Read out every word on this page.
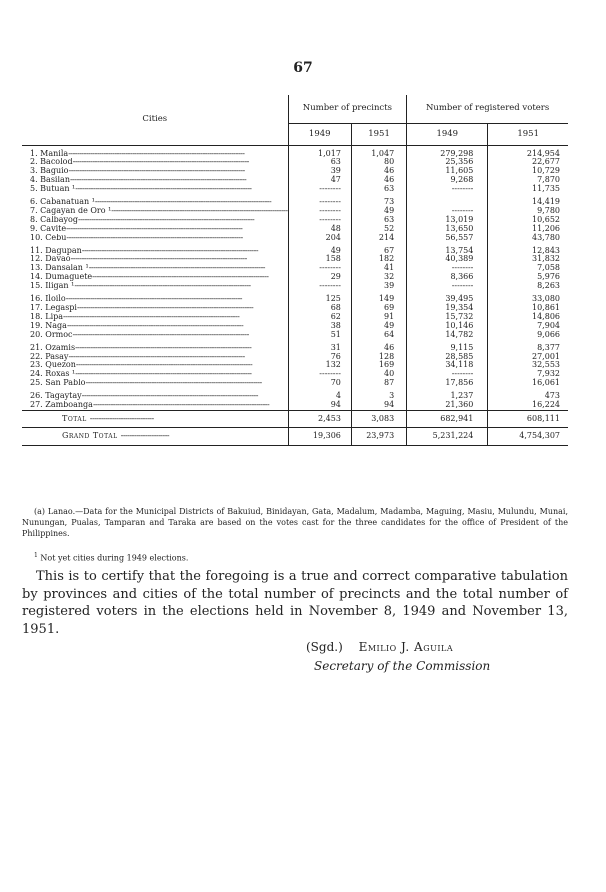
67
Cities	Number of precincts		Number of registered voters	
	1949	1951	1949	1951
1. Manila--------------------------------------------------------------------------------	1,017	1,047	279,298	214,954
2. Bacolod--------------------------------------------------------------------------------	63	80	25,356	22,677
3. Baguio--------------------------------------------------------------------------------	39	46	11,605	10,729
4. Basilan--------------------------------------------------------------------------------	47	46	9,268	7,870
5. Butuan ¹--------------------------------------------------------------------------------	--------	63	--------	11,735
6. Cabanatuan ¹--------------------------------------------------------------------------------	--------	73		14,419
7. Cagayan de Oro ¹--------------------------------------------------------------------------------	--------	49	--------	9,780
8. Calbayog--------------------------------------------------------------------------------	--------	63	13,019	10,652
9. Cavite--------------------------------------------------------------------------------	48	52	13,650	11,206
10. Cebu--------------------------------------------------------------------------------	204	214	56,557	43,780
11. Dagupan--------------------------------------------------------------------------------	49	67	13,754	12,843
12. Davao--------------------------------------------------------------------------------	158	182	40,389	31,832
13. Dansalan ¹--------------------------------------------------------------------------------	--------	41	--------	7,058
14. Dumaguete--------------------------------------------------------------------------------	29	32	8,366	5,976
15. Iligan ¹--------------------------------------------------------------------------------	--------	39	--------	8,263
16. Iloilo--------------------------------------------------------------------------------	125	149	39,495	33,080
17. Legaspi--------------------------------------------------------------------------------	68	69	19,354	10,861
18. Lipa--------------------------------------------------------------------------------	62	91	15,732	14,806
19. Naga--------------------------------------------------------------------------------	38	49	10,146	7,904
20. Ormoc--------------------------------------------------------------------------------	51	64	14,782	9,066
21. Ozamis--------------------------------------------------------------------------------	31	46	9,115	8,377
22. Pasay--------------------------------------------------------------------------------	76	128	28,585	27,001
23. Quezon--------------------------------------------------------------------------------	132	169	34,118	32,553
24. Roxas ¹--------------------------------------------------------------------------------	--------	40	--------	7,932
25. San Pablo--------------------------------------------------------------------------------	70	87	17,856	16,061
26. Tagaytay--------------------------------------------------------------------------------	4	3	1,237	473
27. Zamboanga--------------------------------------------------------------------------------	94	94	21,360	16,224
Total -----------------------------	2,453	3,083	682,941	608,111
Grand Total ----------------------	19,306	23,973	5,231,224	4,754,307

(a) Lanao.—Data for the Municipal Districts of Bakuiud, Binidayan, Gata, Madalum, Madamba, Maguing, Masiu, Mulundu, Munai, Nunungan, Pualas, Tamparan and Taraka are based on the votes cast for the three candidates for the office of President of the Philippines.

$^1$ Not yet cities during 1949 elections.

This is to certify that the foregoing is a true and correct comparative tabulation by provinces and cities of the total number of precincts and the total number of registered voters in the elections held in November 8, 1949 and November 13, 1951.

(Sgd.) Emilio J. Aguila
Secretary of the Commission
